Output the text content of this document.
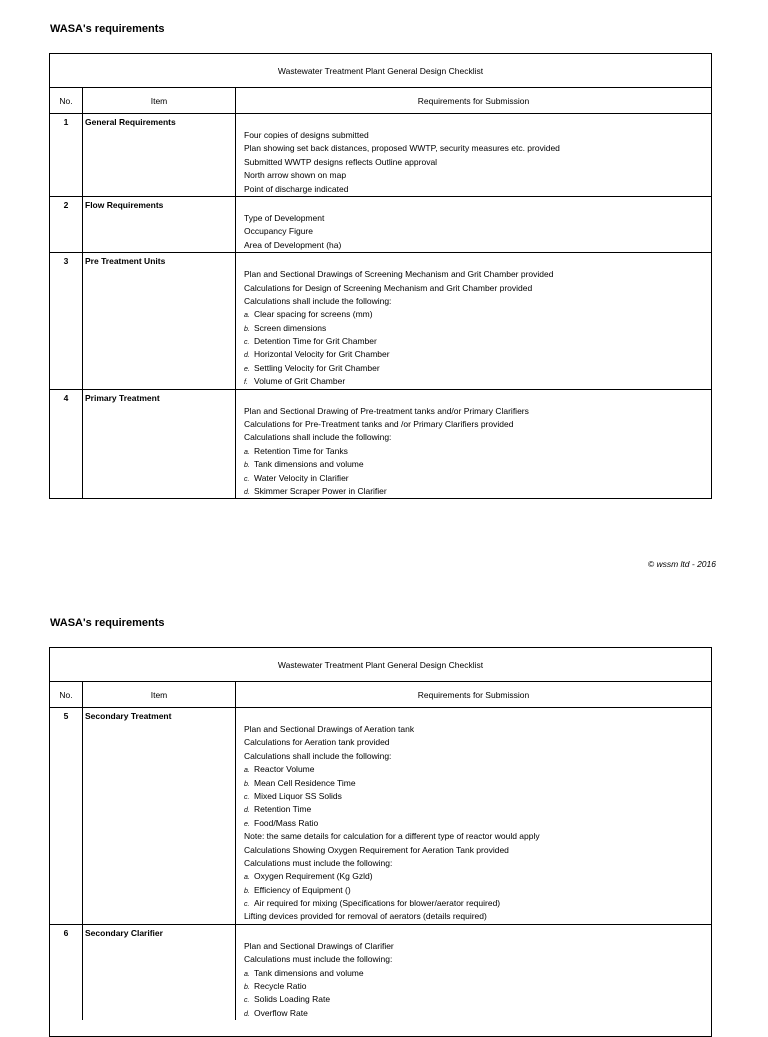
WASA's requirements
Wastewater Treatment Plant General Design Checklist
No.	Item	Requirements for Submission
1	General Requirements
Four copies of designs submitted
Plan showing set back distances, proposed WWTP, security measures etc. provided
Submitted WWTP designs reflects Outline approval
North arrow shown on map
Point of discharge indicated
2	Flow Requirements
Type of Development
Occupancy Figure
Area of Development (ha)
3	Pre Treatment Units
Plan and Sectional Drawings of Screening Mechanism and Grit Chamber provided
Calculations for Design of Screening Mechanism and Grit Chamber provided
Calculations shall include the following:
a. Clear spacing for screens (mm)
b. Screen dimensions
c. Detention Time for Grit Chamber
d. Horizontal Velocity for Grit Chamber
e. Settling Velocity for Grit Chamber
f. Volume of Grit Chamber
4	Primary Treatment
Plan and Sectional Drawing of Pre-treatment tanks and/or Primary Clarifiers
Calculations for Pre-Treatment tanks and /or Primary Clarifiers provided
Calculations shall include the following:
a. Retention Time for Tanks
b. Tank dimensions and volume
c. Water Velocity in Clarifier
d. Skimmer Scraper Power in Clarifier
© wssm ltd - 2016
WASA's requirements
Wastewater Treatment Plant General Design Checklist
No.	Item	Requirements for Submission
5	Secondary Treatment
Plan and Sectional Drawings of Aeration tank
Calculations for Aeration tank provided
Calculations shall include the following:
a. Reactor Volume
b. Mean Cell Residence Time
c. Mixed Liquor SS Solids
d. Retention Time
e. Food/Mass Ratio
Note: the same details for calculation for a different type of reactor would apply
Calculations Showing Oxygen Requirement for Aeration Tank provided
Calculations must include the following:
a. Oxygen Requirement (Kg Gzld)
b. Efficiency of Equipment ()
c. Air required for mixing (Specifications for blower/aerator required)
Lifting devices provided for removal of aerators (details required)
6	Secondary Clarifier
Plan and Sectional Drawings of Clarifier
Calculations must include the following:
a. Tank dimensions and volume
b. Recycle Ratio
c. Solids Loading Rate
d. Overflow Rate
